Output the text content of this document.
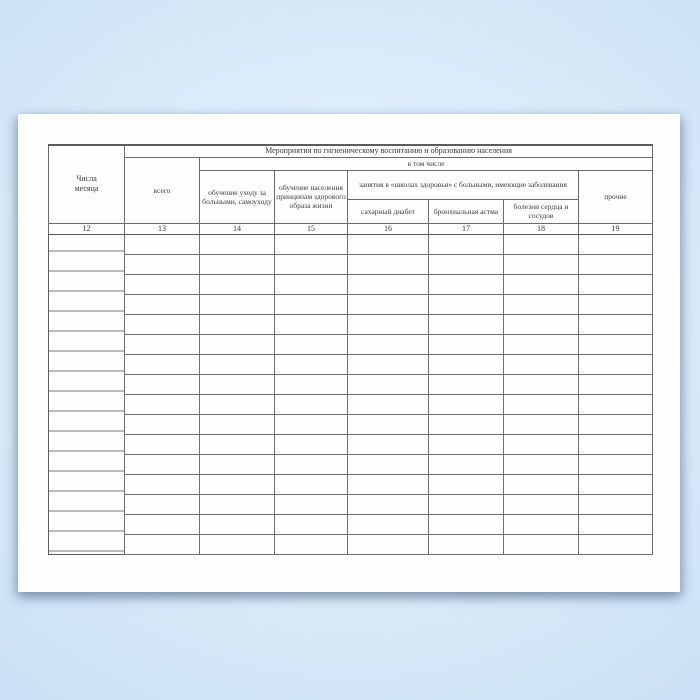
Числа месяца	Мероприятия по гигиеническому воспитанию и образованию населения						
	всего	в том числе					
		обучение уходу за больными, самоуходу	обучение населения принципам здорового образа жизни	занятия в «школах здоровья» с больными, имеющие заболевания			прочие
				сахарный диабет	бронхиальная астма	болезни сердца и сосудов	
12	13	14	15	16	17	18	19
